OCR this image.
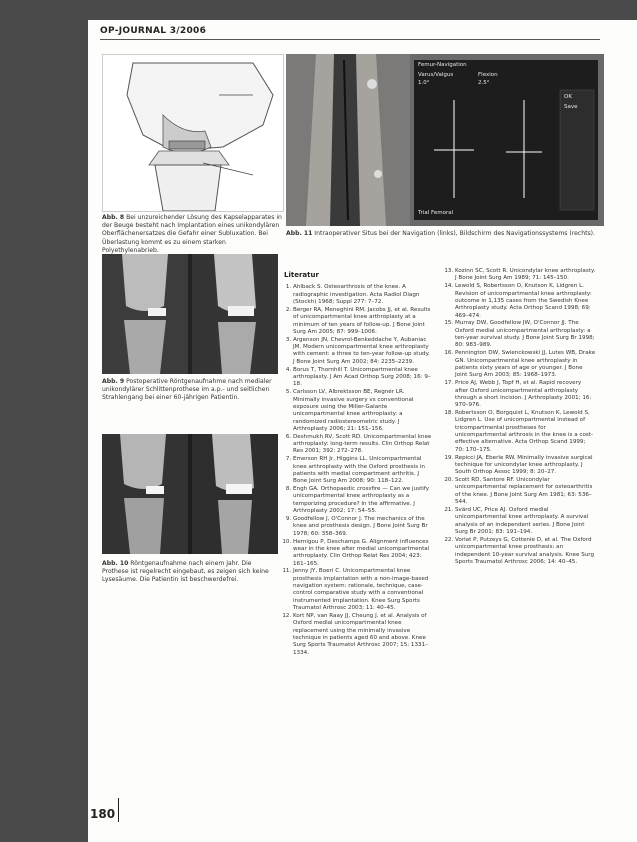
OP-JOURNAL 3/2006
Abb. 8 Bei unzureichender Lösung des Kapselapparates in der Beuge besteht nach Implantation eines unikondylären Oberflächenersatzes die Gefahr einer Subluxation. Bei Überlastung kommt es zu einem starken Polyethylenabrieb.
Femur-Navigation
Varus/Valgus
1.0°
Flexion
2.5°
OK
Save
Trial Femoral
Abb. 11 Intraoperativer Situs bei der Navigation (links), Bildschirm des Navigationssystems (rechts).
Abb. 9 Postoperative Röntgenaufnahme nach medialer unikondylärer Schlittenprothese im a.p.- und seitlichen Strahlengang bei einer 60-jährigen Patientin.
Abb. 10 Röntgenaufnahme nach einem Jahr. Die Prothese ist regelrecht eingebaut, es zeigen sich keine Lysesäume. Die Patientin ist beschwerdefrei.
Literatur
1. Ahlback S. Osteoarthrosis of the knee. A radiographic investigation. Acta Radiol Diagn (Stockh) 1968; Suppl 277: 7–72.
2. Berger RA, Meneghini RM, Jacobs JJ, et al. Results of unicompartmental knee arthroplasty at a minimum of ten years of follow-up. J Bone Joint Surg Am 2005; 87: 999–1006.
3. Argenson JN, Chevrol-Benkeddache Y, Aubaniac JM. Modern unicompartmental knee arthroplasty with cement: a three to ten-year follow-up study. J Bone Joint Surg Am 2002; 84: 2235–2239.
4. Borus T, Thornhill T. Unicompartmental knee arthroplasty. J Am Acad Orthop Surg 2008; 16: 9–18.
5. Carlsson LV, Albrektsson BE, Regnér LR. Minimally invasive surgery vs conventional exposure using the Miller-Galante unicompartmental knee arthroplasty: a randomized radiostereometric study. J Arthroplasty 2006; 21: 151–156.
6. Deshmukh RV, Scott RD. Unicompartmental knee arthroplasty: long-term results. Clin Orthop Relat Res 2001; 392: 272–278.
7. Emerson RH Jr, Higgins LL. Unicompartmental knee arthroplasty with the Oxford prosthesis in patients with medial compartment arthritis. J Bone Joint Surg Am 2008; 90: 118–122.
8. Engh GA. Orthopaedic crossfire — Can we justify unicompartmental knee arthroplasty as a temporizing procedure? In the affirmative. J Arthroplasty 2002; 17: 54–55.
9. Goodfellow J, O'Connor J. The mechanics of the knee and prosthesis design. J Bone Joint Surg Br 1978; 60: 358–369.
10. Hernigou P, Deschamps G. Alignment influences wear in the knee after medial unicompartmental arthroplasty. Clin Orthop Relat Res 2004; 423: 161–165.
11. Jenny JY, Boeri C. Unicompartmental knee prosthesis implantation with a non-image-based navigation system: rationale, technique, case-control comparative study with a conventional instrumented implantation. Knee Surg Sports Traumatol Arthrosc 2003; 11: 40–45.
12. Kort NP, van Raay JJ, Cheung J, et al. Analysis of Oxford medial unicompartmental knee replacement using the minimally invasive technique in patients aged 60 and above. Knee Surg Sports Traumatol Arthrosc 2007; 15: 1331–1334.
13. Kozinn SC, Scott R. Unicondylar knee arthroplasty. J Bone Joint Surg Am 1989; 71: 145–150.
14. Lewold S, Robertsson O, Knutson K, Lidgren L. Revision of unicompartmental knee arthroplasty: outcome in 1,135 cases from the Swedish Knee Arthroplasty study. Acta Orthop Scand 1998; 69: 469–474.
15. Murray DW, Goodfellow JW, O'Connor JJ. The Oxford medial unicompartmental arthroplasty: a ten-year survival study. J Bone Joint Surg Br 1998; 80: 983–989.
16. Pennington DW, Swienckowski JJ, Lutes WB, Drake GN. Unicompartmental knee arthroplasty in patients sixty years of age or younger. J Bone Joint Surg Am 2003; 85: 1968–1973.
17. Price AJ, Webb J, Topf H, et al. Rapid recovery after Oxford unicompartmental arthroplasty through a short incision. J Arthroplasty 2001; 16: 970–976.
18. Robertsson O, Borgquist L, Knutson K, Lewold S, Lidgren L. Use of unicompartmental instead of tricompartmental prostheses for unicompartmental arthrosis in the knee is a cost-effective alternative. Acta Orthop Scand 1999; 70: 170–175.
19. Repicci JA, Eberle RW. Minimally invasive surgical technique for unicondylar knee arthroplasty. J South Orthop Assoc 1999; 8: 20–27.
20. Scott RD, Santore RF. Unicondylar unicompartmental replacement for osteoarthritis of the knee. J Bone Joint Surg Am 1981; 63: 536–544.
21. Svärd UC, Price AJ. Oxford medial unicompartmental knee arthroplasty. A survival analysis of an independent series. J Bone Joint Surg Br 2001; 83: 191–194.
22. Vorlat P, Putzeys G, Cottenie D, et al. The Oxford unicompartmental knee prosthesis: an independent 10-year survival analysis. Knee Surg Sports Traumatol Arthrosc 2006; 14: 40–45.
180
